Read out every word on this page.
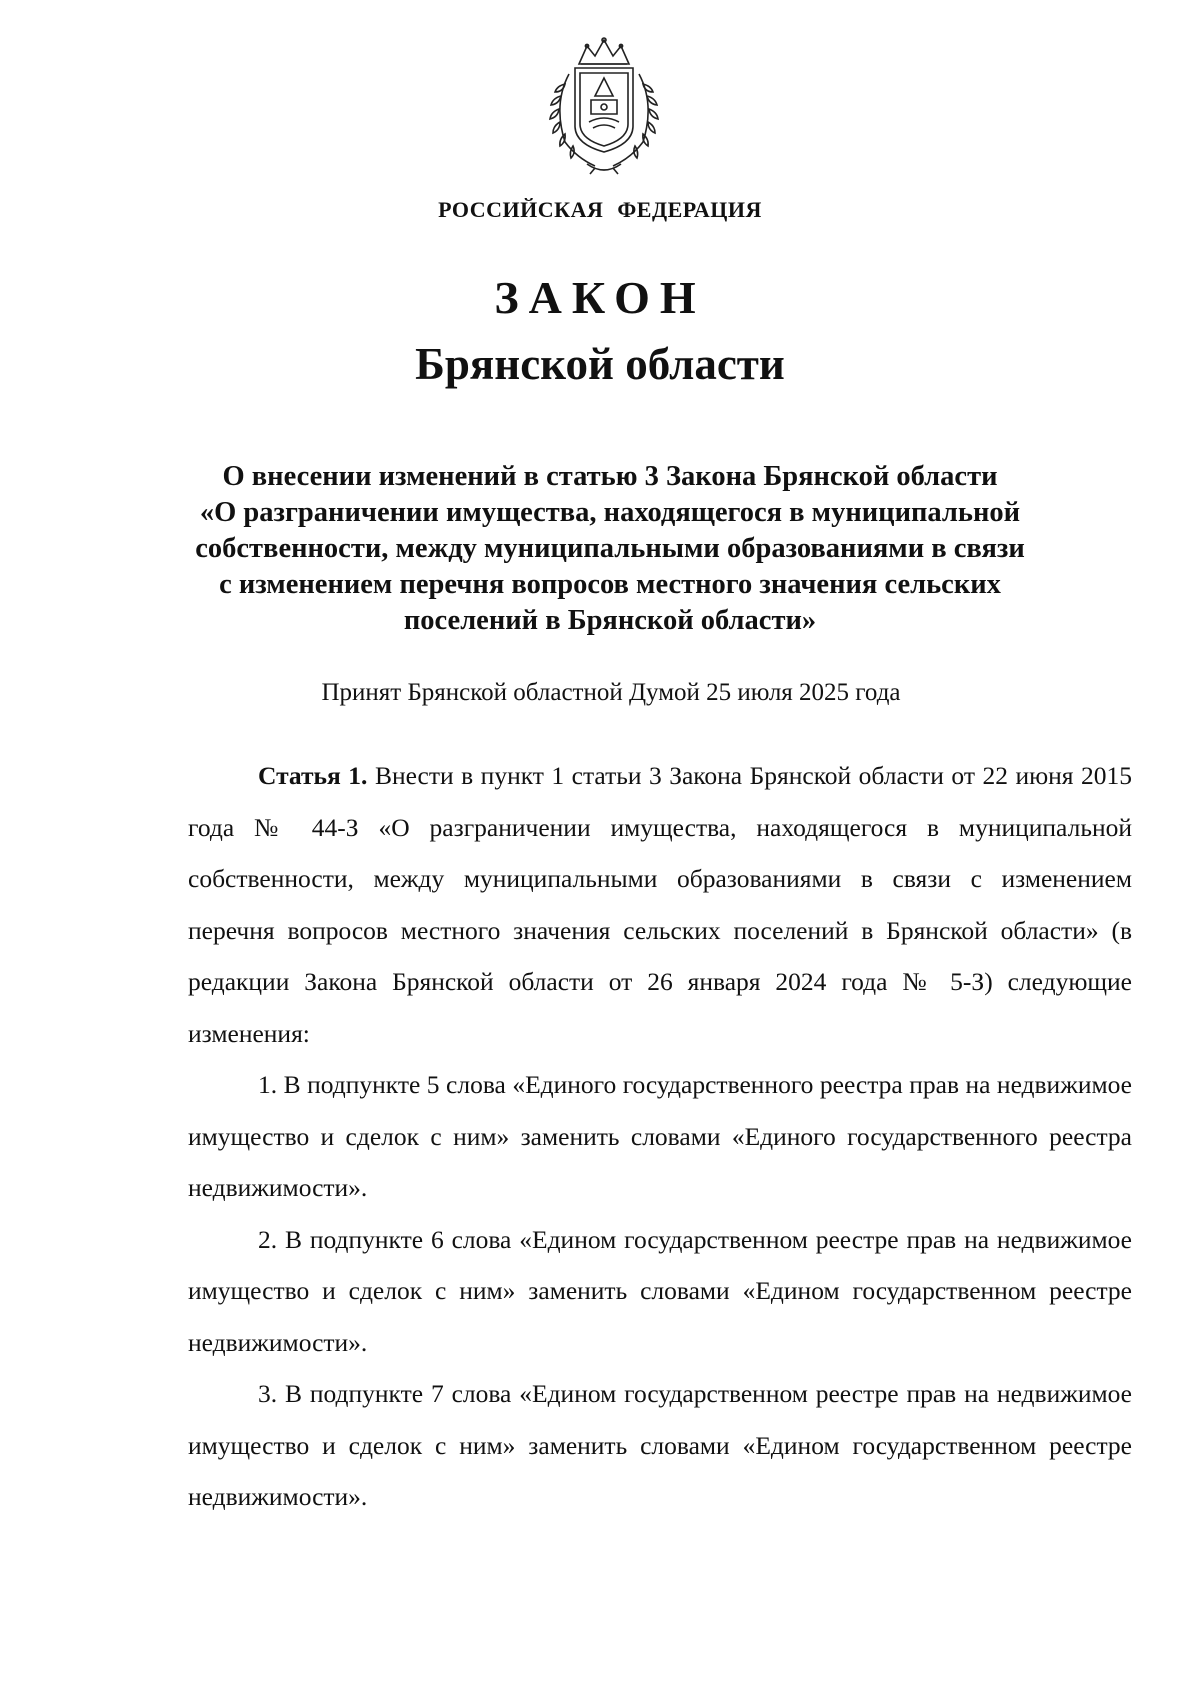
РОССИЙСКАЯ ФЕДЕРАЦИЯ
ЗАКОН
Брянской области
О внесении изменений в статью 3 Закона Брянской области
«О разграничении имущества, находящегося в муниципальной
собственности, между муниципальными образованиями в связи
с изменением перечня вопросов местного значения сельских
поселений в Брянской области»
Принят Брянской областной Думой 25 июля 2025 года

Статья 1. Внести в пункт 1 статьи 3 Закона Брянской области от 22 июня 2015 года № 44-З «О разграничении имущества, находящегося в муниципальной собственности, между муниципальными образованиями в связи с изменением перечня вопросов местного значения сельских поселений в Брянской области» (в редакции Закона Брянской области от 26 января 2024 года № 5-З) следующие изменения:

1. В подпункте 5 слова «Единого государственного реестра прав на недвижимое имущество и сделок с ним» заменить словами «Единого государственного реестра недвижимости».

2. В подпункте 6 слова «Едином государственном реестре прав на недвижимое имущество и сделок с ним» заменить словами «Едином государственном реестре недвижимости».

3. В подпункте 7 слова «Едином государственном реестре прав на недвижимое имущество и сделок с ним» заменить словами «Едином государственном реестре недвижимости».
